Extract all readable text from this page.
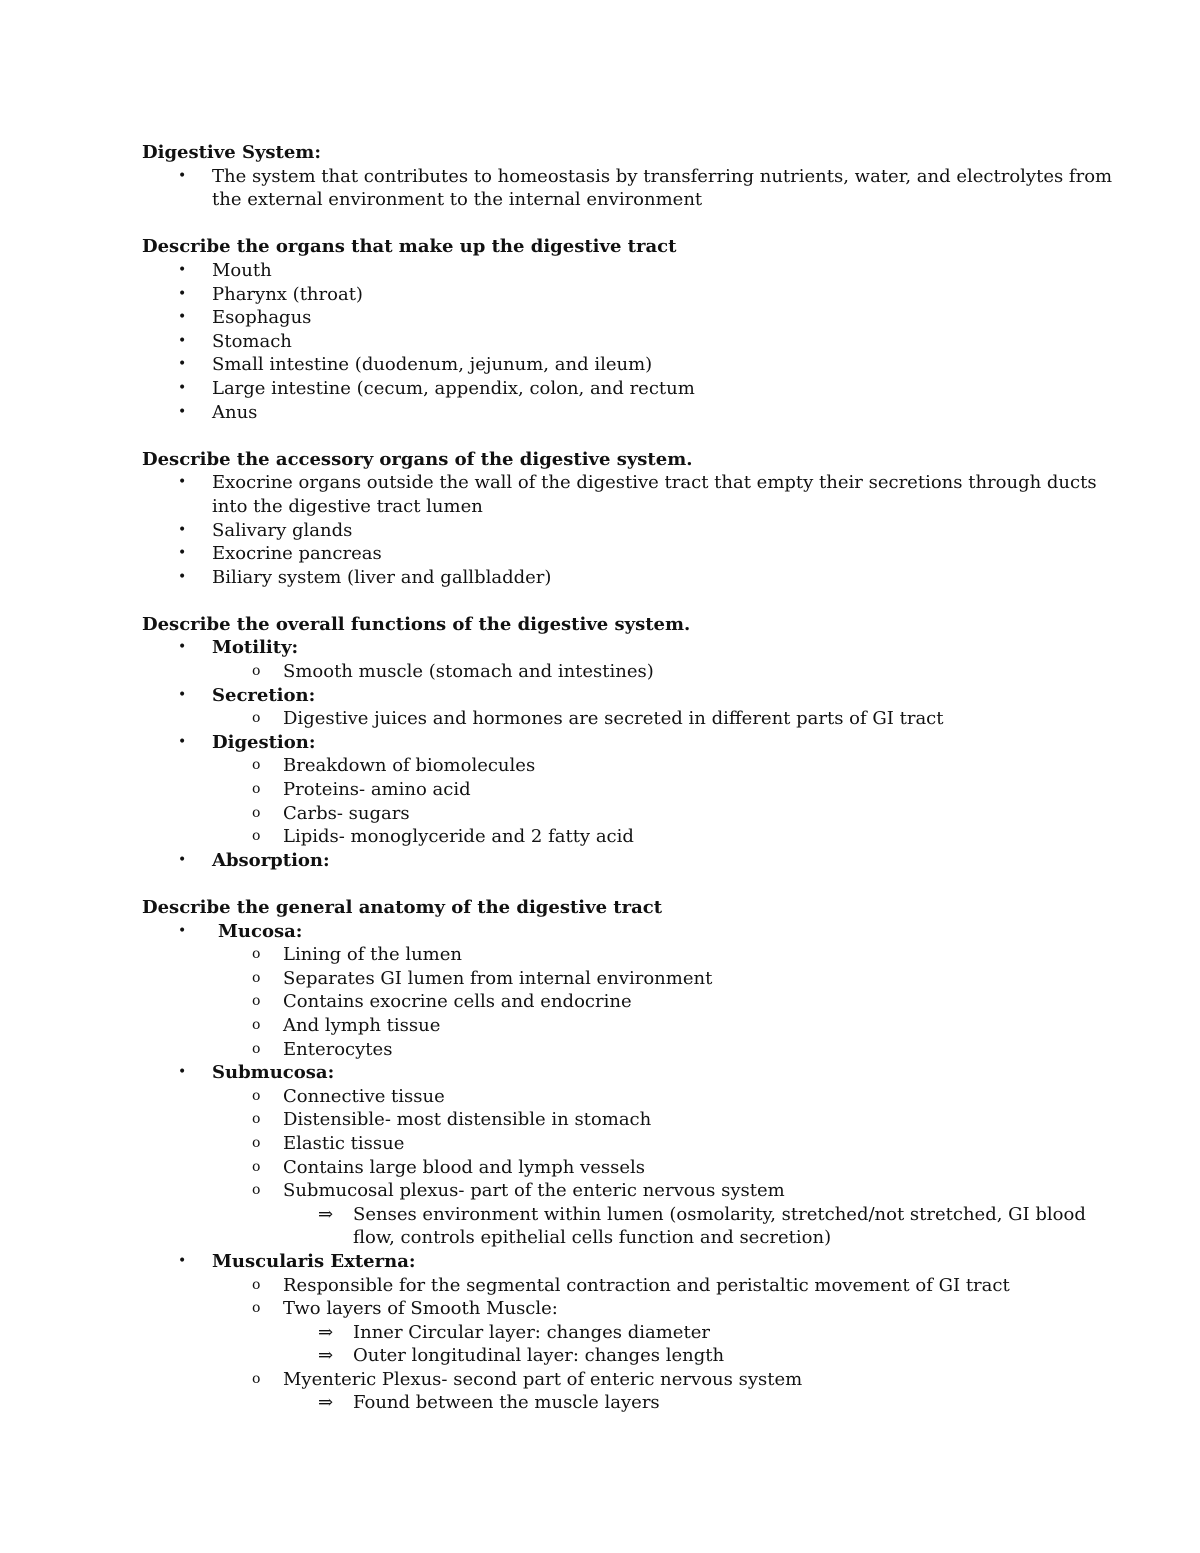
Digestive System:
• The system that contributes to homeostasis by transferring nutrients, water, and electrolytes from
the external environment to the internal environment
Describe the organs that make up the digestive tract
• Mouth
• Pharynx (throat)
• Esophagus
• Stomach
• Small intestine (duodenum, jejunum, and ileum)
• Large intestine (cecum, appendix, colon, and rectum
• Anus
Describe the accessory organs of the digestive system.
• Exocrine organs outside the wall of the digestive tract that empty their secretions through ducts
into the digestive tract lumen
• Salivary glands
• Exocrine pancreas
• Biliary system (liver and gallbladder)
Describe the overall functions of the digestive system.
• Motility:
o Smooth muscle (stomach and intestines)
• Secretion:
o Digestive juices and hormones are secreted in different parts of GI tract
• Digestion:
o Breakdown of biomolecules
o Proteins- amino acid
o Carbs- sugars
o Lipids- monoglyceride and 2 fatty acid
• Absorption:
Describe the general anatomy of the digestive tract
• Mucosa:
o Lining of the lumen
o Separates GI lumen from internal environment
o Contains exocrine cells and endocrine
o And lymph tissue
o Enterocytes
• Submucosa:
o Connective tissue
o Distensible- most distensible in stomach
o Elastic tissue
o Contains large blood and lymph vessels
o Submucosal plexus- part of the enteric nervous system
⇒ Senses environment within lumen (osmolarity, stretched/not stretched, GI blood
flow, controls epithelial cells function and secretion)
• Muscularis Externa:
o Responsible for the segmental contraction and peristaltic movement of GI tract
o Two layers of Smooth Muscle:
⇒ Inner Circular layer: changes diameter
⇒ Outer longitudinal layer: changes length
o Myenteric Plexus- second part of enteric nervous system
⇒ Found between the muscle layers
